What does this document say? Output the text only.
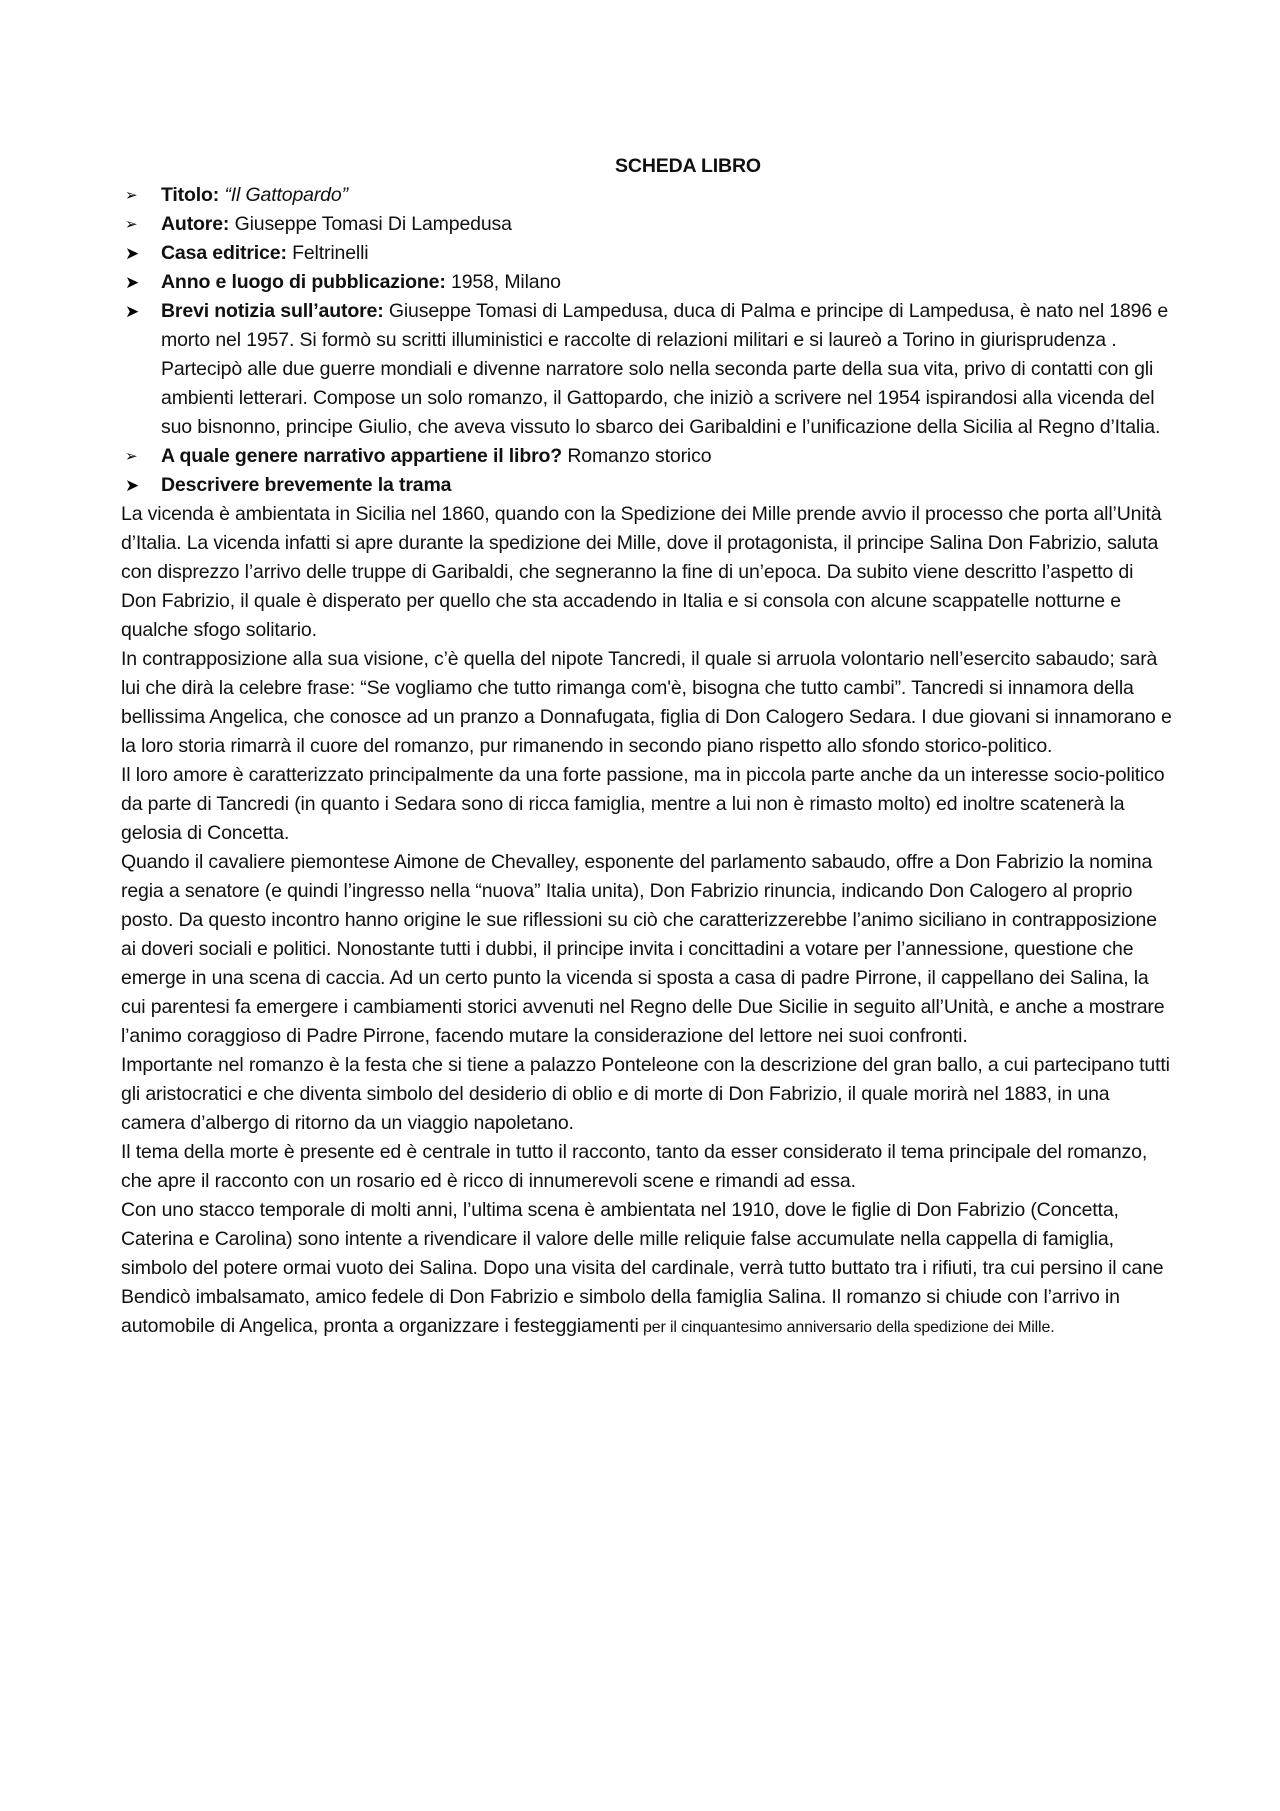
SCHEDA LIBRO

➢ Titolo: “Il Gattopardo”
➢ Autore: Giuseppe Tomasi Di Lampedusa
➤ Casa editrice: Feltrinelli
➤ Anno e luogo di pubblicazione: 1958, Milano
➤ Brevi notizia sull’autore: Giuseppe Tomasi di Lampedusa, duca di Palma e principe di Lampedusa, è nato nel 1896 e morto nel 1957. Si formò su scritti illuministici e raccolte di relazioni militari e si laureò a Torino in giurisprudenza . Partecipò alle due guerre mondiali e divenne narratore solo nella seconda parte della sua vita, privo di contatti con gli ambienti letterari. Compose un solo romanzo, il Gattopardo, che iniziò a scrivere nel 1954 ispirandosi alla vicenda del suo bisnonno, principe Giulio, che aveva vissuto lo sbarco dei Garibaldini e l’unificazione della Sicilia al Regno d’Italia.
➢ A quale genere narrativo appartiene il libro? Romanzo storico
➤ Descrivere brevemente la trama

La vicenda è ambientata in Sicilia nel 1860, quando con la Spedizione dei Mille prende avvio il processo che porta all’Unità d’Italia. La vicenda infatti si apre durante la spedizione dei Mille, dove il protagonista, il principe Salina Don Fabrizio, saluta con disprezzo l’arrivo delle truppe di Garibaldi, che segneranno la fine di un’epoca. Da subito viene descritto l’aspetto di Don Fabrizio, il quale è disperato per quello che sta accadendo in Italia e si consola con alcune scappatelle notturne e qualche sfogo solitario.

In contrapposizione alla sua visione, c’è quella del nipote Tancredi, il quale si arruola volontario nell’esercito sabaudo; sarà lui che dirà la celebre frase: “Se vogliamo che tutto rimanga com'è, bisogna che tutto cambi”. Tancredi si innamora della bellissima Angelica, che conosce ad un pranzo a Donnafugata, figlia di Don Calogero Sedara. I due giovani si innamorano e la loro storia rimarrà il cuore del romanzo, pur rimanendo in secondo piano rispetto allo sfondo storico-politico.

Il loro amore è caratterizzato principalmente da una forte passione, ma in piccola parte anche da un interesse socio-politico da parte di Tancredi (in quanto i Sedara sono di ricca famiglia, mentre a lui non è rimasto molto) ed inoltre scatenerà la gelosia di Concetta.

Quando il cavaliere piemontese Aimone de Chevalley, esponente del parlamento sabaudo, offre a Don Fabrizio la nomina regia a senatore (e quindi l’ingresso nella “nuova” Italia unita), Don Fabrizio rinuncia, indicando Don Calogero al proprio posto. Da questo incontro hanno origine le sue riflessioni su ciò che caratterizzerebbe l’animo siciliano in contrapposizione ai doveri sociali e politici. Nonostante tutti i dubbi, il principe invita i concittadini a votare per l’annessione, questione che emerge in una scena di caccia. Ad un certo punto la vicenda si sposta a casa di padre Pirrone, il cappellano dei Salina, la cui parentesi fa emergere i cambiamenti storici avvenuti nel Regno delle Due Sicilie in seguito all’Unità, e anche a mostrare l’animo coraggioso di Padre Pirrone, facendo mutare la considerazione del lettore nei suoi confronti.

Importante nel romanzo è la festa che si tiene a palazzo Ponteleone con la descrizione del gran ballo, a cui partecipano tutti gli aristocratici e che diventa simbolo del desiderio di oblio e di morte di Don Fabrizio, il quale morirà nel 1883, in una camera d’albergo di ritorno da un viaggio napoletano.

Il tema della morte è presente ed è centrale in tutto il racconto, tanto da esser considerato il tema principale del romanzo, che apre il racconto con un rosario ed è ricco di innumerevoli scene e rimandi ad essa.

Con uno stacco temporale di molti anni, l’ultima scena è ambientata nel 1910, dove le figlie di Don Fabrizio (Concetta, Caterina e Carolina) sono intente a rivendicare il valore delle mille reliquie false accumulate nella cappella di famiglia, simbolo del potere ormai vuoto dei Salina. Dopo una visita del cardinale, verrà tutto buttato tra i rifiuti, tra cui persino il cane Bendicò imbalsamato, amico fedele di Don Fabrizio e simbolo della famiglia Salina. Il romanzo si chiude con l’arrivo in automobile di Angelica, pronta a organizzare i festeggiamenti per il cinquantesimo anniversario della spedizione dei Mille.
